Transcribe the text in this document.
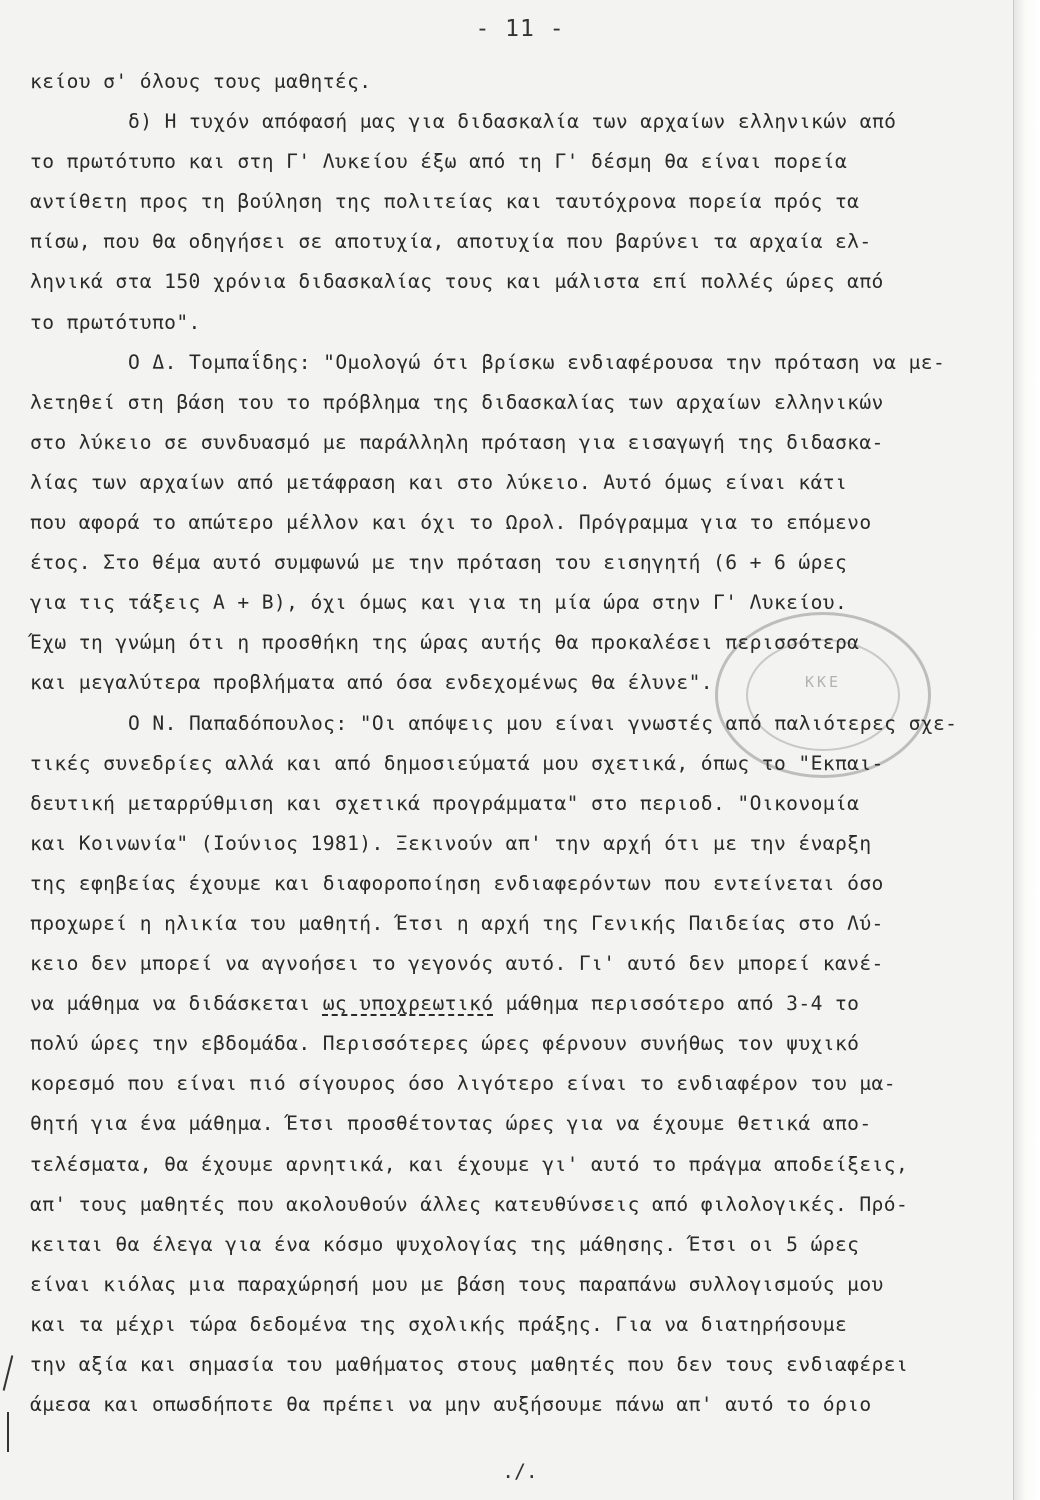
- 11 -
ΚΚΕ
κείου σ' όλους τους μαθητές.
δ) Η τυχόν απόφασή μας για διδασκαλία των αρχαίων ελληνικών από
το πρωτότυπο και στη Γ' Λυκείου έξω από τη Γ' δέσμη θα είναι πορεία
αντίθετη προς τη βούληση της πολιτείας και ταυτόχρονα πορεία πρός τα
πίσω, που θα οδηγήσει σε αποτυχία, αποτυχία που βαρύνει τα αρχαία ελ-
ληνικά στα 150 χρόνια διδασκαλίας τους και μάλιστα επί πολλές ώρες από
το πρωτότυπο".
Ο Δ. Τομπαΐδης: "Ομολογώ ότι βρίσκω ενδιαφέρουσα την πρόταση να με-
λετηθεί στη βάση του το πρόβλημα της διδασκαλίας των αρχαίων ελληνικών
στο λύκειο σε συνδυασμό με παράλληλη πρόταση για εισαγωγή της διδασκα-
λίας των αρχαίων από μετάφραση και στο λύκειο. Αυτό όμως είναι κάτι
που αφορά το απώτερο μέλλον και όχι το Ωρολ. Πρόγραμμα για το επόμενο
έτος. Στο θέμα αυτό συμφωνώ με την πρόταση του εισηγητή (6 + 6 ώρες
για τις τάξεις Α + Β), όχι όμως και για τη μία ώρα στην Γ' Λυκείου.
Έχω τη γνώμη ότι η προσθήκη της ώρας αυτής θα προκαλέσει περισσότερα
και μεγαλύτερα προβλήματα από όσα ενδεχομένως θα έλυνε".
Ο Ν. Παπαδόπουλος: "Οι απόψεις μου είναι γνωστές από παλιότερες σχε-
τικές συνεδρίες αλλά και από δημοσιεύματά μου σχετικά, όπως το "Εκπαι-
δευτική μεταρρύθμιση και σχετικά προγράμματα" στο περιοδ. "Οικονομία
και Κοινωνία" (Ιούνιος 1981). Ξεκινούν απ' την αρχή ότι με την έναρξη
της εφηβείας έχουμε και διαφοροποίηση ενδιαφερόντων που εντείνεται όσο
προχωρεί η ηλικία του μαθητή. Έτσι η αρχή της Γενικής Παιδείας στο Λύ-
κειο δεν μπορεί να αγνοήσει το γεγονός αυτό. Γι' αυτό δεν μπορεί κανέ-
να μάθημα να διδάσκεται ως υποχρεωτικό μάθημα περισσότερο από 3-4 το
πολύ ώρες την εβδομάδα. Περισσότερες ώρες φέρνουν συνήθως τον ψυχικό
κορεσμό που είναι πιό σίγουρος όσο λιγότερο είναι το ενδιαφέρον του μα-
θητή για ένα μάθημα. Έτσι προσθέτοντας ώρες για να έχουμε θετικά απο-
τελέσματα, θα έχουμε αρνητικά, και έχουμε γι' αυτό το πράγμα αποδείξεις,
απ' τους μαθητές που ακολουθούν άλλες κατευθύνσεις από φιλολογικές. Πρό-
κειται θα έλεγα για ένα κόσμο ψυχολογίας της μάθησης. Έτσι οι 5 ώρες
είναι κιόλας μια παραχώρησή μου με βάση τους παραπάνω συλλογισμούς μου
και τα μέχρι τώρα δεδομένα της σχολικής πράξης. Για να διατηρήσουμε
την αξία και σημασία του μαθήματος στους μαθητές που δεν τους ενδιαφέρει
άμεσα και οπωσδήποτε θα πρέπει να μην αυξήσουμε πάνω απ' αυτό το όριο
./.
